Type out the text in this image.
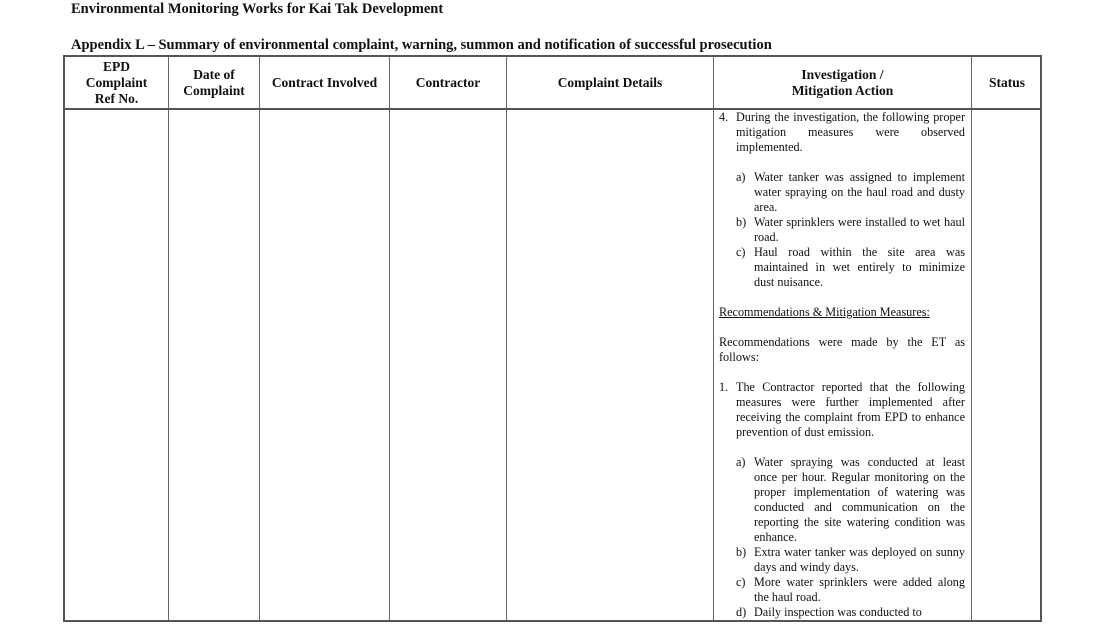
Environmental Monitoring Works for Kai Tak Development
Appendix L – Summary of environmental complaint, warning, summon and notification of successful prosecution
EPD
Complaint
Ref No.
Date of
Complaint
Contract Involved	Contractor	Complaint Details
Investigation /
Mitigation Action
Status
4. During the investigation, the following proper mitigation measures were observed implemented.
a) Water tanker was assigned to implement water spraying on the haul road and dusty area.
b) Water sprinklers were installed to wet haul road.
c) Haul road within the site area was maintained in wet entirely to minimize dust nuisance.

Recommendations & Mitigation Measures:

Recommendations were made by the ET as follows:

1. The Contractor reported that the following measures were further implemented after receiving the complaint from EPD to enhance prevention of dust emission.
a) Water spraying was conducted at least once per hour. Regular monitoring on the proper implementation of watering was conducted and communication on the reporting the site watering condition was enhance.
b) Extra water tanker was deployed on sunny days and windy days.
c) More water sprinklers were added along the haul road.
d) Daily inspection was conducted to
